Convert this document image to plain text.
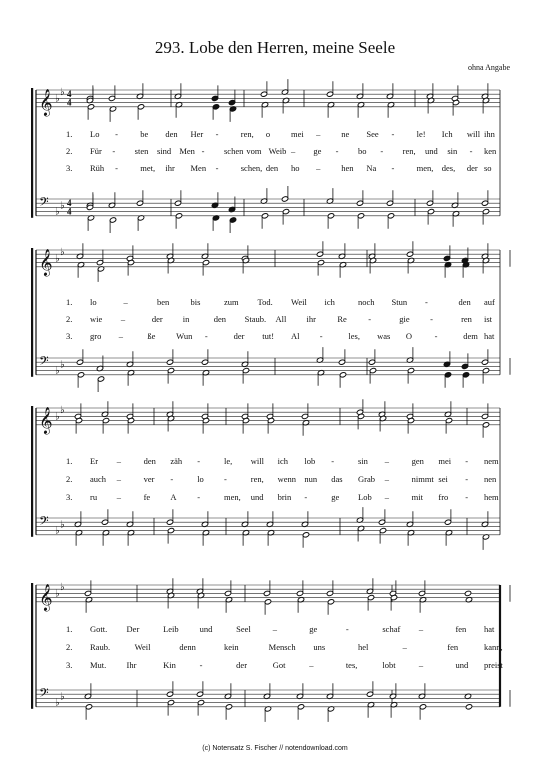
293. Lobe den Herren, meine Seele
ohna Angabe
𝄞
𝄢
♭
♭
♭
♭
4
4
4
4
𝄞
𝄢
♭
♭
♭
♭
𝄞
𝄢
♭
♭
♭
♭
𝄞
𝄢
♭
♭
♭
♭
1. Lo -	be den Her -	ren, o mei – ne See -	le! Ich will ihn
2. Für - sten sind Men - schen vom Weib – ge - bo - ren, und sin - ken
3. Rüh -	met, ihr Men -	schen, den ho – hen Na -	men, des, der so
1. lo	–	ben bis	zum Tod. Weil ich	noch Stun -	den auf
2. wie –	der in	den Staub. All ihr	Re	-	gie -	ren ist
3. gro –	ße Wun -	der tut! Al -	les, was O	-	dem hat
1. Er –	den zäh -	le, will ich lob -	sin –	gen mei - nem
2. auch –	ver -	lo -	ren, wenn nun das Grab –	nimmt sei - nen
3. ru –	fe A -	men, und brin -	ge Lob –	mit fro - hem
1. Gott. Der	Leib und	Seel	–	ge	-	schaf –	fen hat
2. Raub.	Weil	denn	kein	Mensch uns	hel	–	fen	kann,
3. Mut. Ihr	Kin	-	der	Got	–	tes,	lobt	–	und preist
(c) Notensatz S. Fischer // notendownload.com
